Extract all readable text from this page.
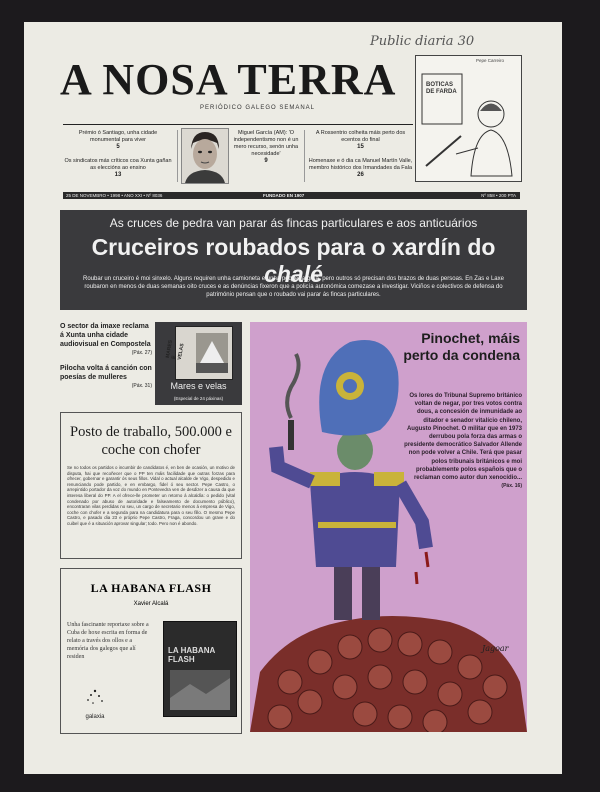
Public diaria 30
A NOSA TERRA
PERIÓDICO GALEGO SEMANAL
Prémio ó Santiago, unha cidade monumental para viver
5
Os sindicatos más críticos coa Xunta gañan as eleccións ao ensino
13
Miguel García (AM): 'O independentismo non é un mero recurso, senón unha necesidade'
9
A Rossentrio colheita máis perto dos ecentos do final
15
Homenaxe e ó dia ca Manuel Martín Valle, membro histórico dos Irmandades da Fala
26
BOTICAS DE FARDA
Pepe Carreiro
25 DE NOVEMBRO • 1998 • ANO XXI • Nº 8036	FUNDADO EN 1907	Nº 858 • 200 PTA
As cruces de pedra van parar ás fincas particulares e aos anticuários
Cruceiros roubados para o xardín do chalé
Roubar un cruceiro é moi sinxelo. Alguns requiren unha camioneta e unha pequena grua, pero outros só precisan dos brazos de duas persoas. En Zas e Laxe roubaron en menos de duas semanas oito cruces e as denúncias fixeron que a policía autonómica comezase a investigar. Viciños e colectivos de defensa do património pensan que o roubado vai parar ás fincas particulares.
O sector da imaxe reclama á Xunta unha cidade audiovisual en Compostela
(Páx. 27)
Pilocha volta á canción con poesías de mulleres
(Páx. 31)
MARES E VELAS
Mares e velas
(Especial de 24 páxinas)
Posto de traballo, 500.000 e coche con chofer
Se no todos os partidos o incumbir de candidatos é, en ben de ocasión, un motivo de disputa, hai que recoñecer que o PP ten máis facilidade que outras forzas para ofrecer, gobernar e garantir ós seus fillos. Vidal o actual alcalde de Vigo, despedido e renunciando pode partido, e en embargo, fidel ó seu sector. Pepe Castro, o arrepintido portador da voz do mundo en Pontevedra ven de desdizer a causa da que interesa liberal do PP. A el ofrece-lle prometer un retorno á alcaldía: o pedido (vital condenado por abuso de autoridade e falseamento de documento público), encontraran vilas perdidas no seu, un cargo de secretario menos á empresa de Vigo, coche con chofer e a segunda para na candidatura para o seu fillo. O mesmo Pepe Castro, e pasado dia 23 e próprio Pepe Castro, Fraga, concordou un grave e do cuibel que é a situación aprovar singular; todo. Pero non é abondo.
LA HABANA FLASH
Xavier Alcalá
Unha fascinante reportaxe sobre a Cuba de hoxe escrita en forma de relato a través dos ollos e a memória dos galegos que alí residen
LA HABANA FLASH
galaxia
Pinochet, máis perto da condena
Os lores do Tribunal Supremo británico voltan de negar, por tres votos contra dous, a concesión de inmunidade ao ditador e senador vitalício chileno, Augusto Pinochet. O militar que en 1973 derrubou pola forza das armas o presidente democrático Salvador Allende non pode volver a Chile. Terá que pasar polos tribunais británicos e moi probablemente polos españois que o reclaman como autor dun xenocídio...
(Páx. 16)
Jagoar
